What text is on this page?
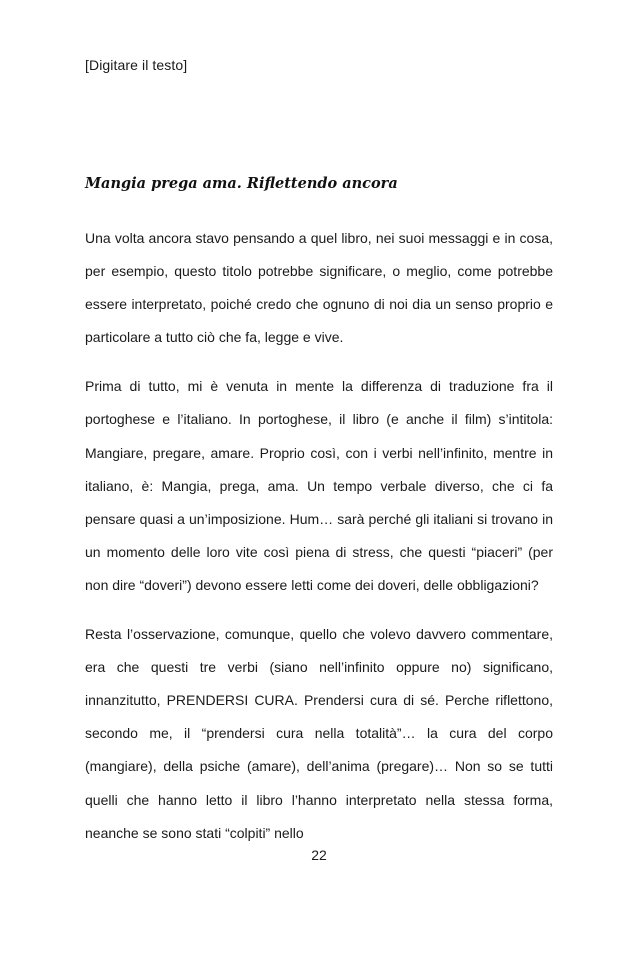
[Digitare il testo]
Mangia prega ama. Riflettendo ancora

Una volta ancora stavo pensando a quel libro, nei suoi messaggi e in cosa, per esempio, questo titolo potrebbe significare, o meglio, come potrebbe essere interpretato, poiché credo che ognuno di noi dia un senso proprio e particolare a tutto ciò che fa, legge e vive.

Prima di tutto, mi è venuta in mente la differenza di traduzione fra il portoghese e l’italiano. In portoghese, il libro (e anche il film) s’intitola: Mangiare, pregare, amare. Proprio così, con i verbi nell’infinito, mentre in italiano, è: Mangia, prega, ama. Un tempo verbale diverso, che ci fa pensare quasi a un’imposizione. Hum… sarà perché gli italiani si trovano in un momento delle loro vite così piena di stress, che questi “piaceri” (per non dire “doveri”) devono essere letti come dei doveri, delle obbligazioni?

Resta l’osservazione, comunque, quello che volevo davvero commentare, era che questi tre verbi (siano nell’infinito oppure no) significano, innanzitutto, PRENDERSI CURA. Prendersi cura di sé. Perche riflettono, secondo me, il “prendersi cura nella totalità”… la cura del corpo (mangiare), della psiche (amare), dell’anima (pregare)… Non so se tutti quelli che hanno letto il libro l’hanno interpretato nella stessa forma, neanche se sono stati “colpiti” nello

22
